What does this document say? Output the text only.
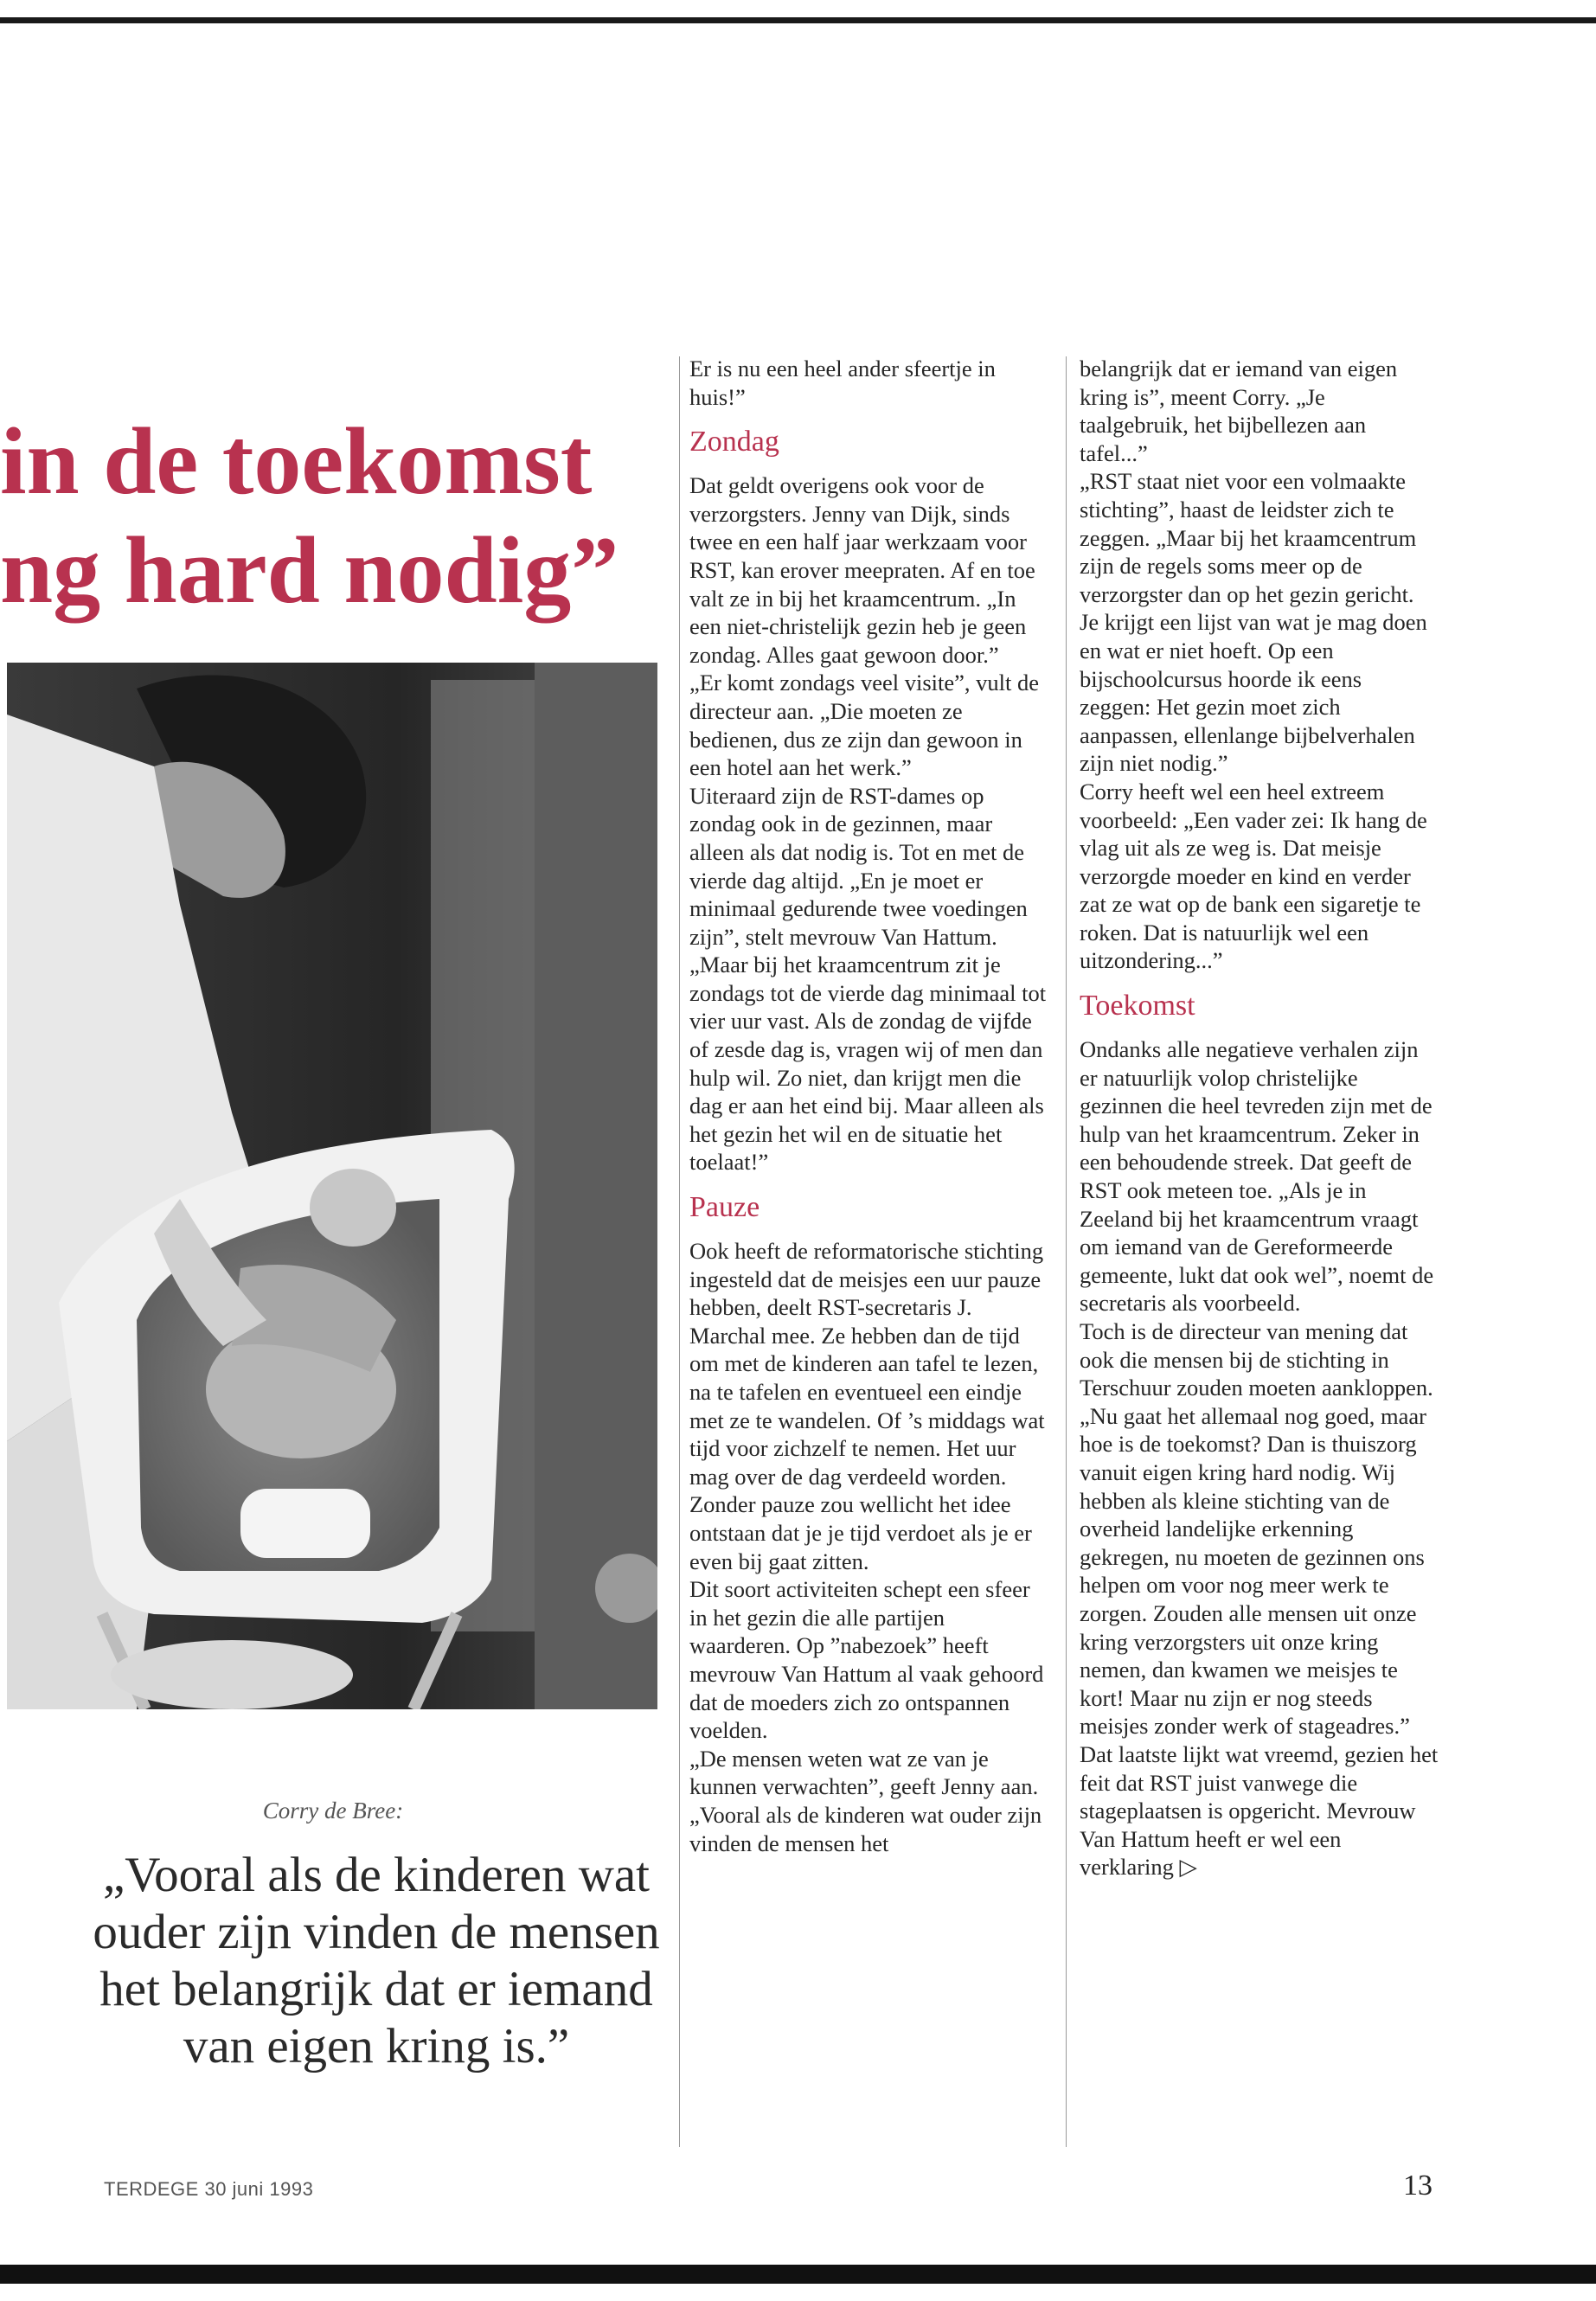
in de toekomst
ng hard nodig”
Corry de Bree:
„Vooral als de kinderen wat ouder zijn vinden de mensen het belangrijk dat er iemand van eigen kring is.”

Er is nu een heel ander sfeertje in huis!”

Zondag

Dat geldt overigens ook voor de verzorgsters. Jenny van Dijk, sinds twee en een half jaar werkzaam voor RST, kan erover meepraten. Af en toe valt ze in bij het kraamcentrum. „In een niet-christelijk gezin heb je geen zondag. Alles gaat gewoon door.”

„Er komt zondags veel visite”, vult de directeur aan. „Die moeten ze bedienen, dus ze zijn dan gewoon in een hotel aan het werk.”

Uiteraard zijn de RST-dames op zondag ook in de gezinnen, maar alleen als dat nodig is. Tot en met de vierde dag altijd. „En je moet er minimaal gedurende twee voedingen zijn”, stelt mevrouw Van Hattum. „Maar bij het kraamcentrum zit je zondags tot de vierde dag minimaal tot vier uur vast. Als de zondag de vijfde of zesde dag is, vragen wij of men dan hulp wil. Zo niet, dan krijgt men die dag er aan het eind bij. Maar alleen als het gezin het wil en de situatie het toelaat!”

Pauze

Ook heeft de reformatorische stichting ingesteld dat de meisjes een uur pauze hebben, deelt RST-secretaris J. Marchal mee. Ze hebben dan de tijd om met de kinderen aan tafel te lezen, na te tafelen en eventueel een eindje met ze te wandelen. Of ’s middags wat tijd voor zichzelf te nemen. Het uur mag over de dag verdeeld worden. Zonder pauze zou wellicht het idee ontstaan dat je je tijd verdoet als je er even bij gaat zitten.

Dit soort activiteiten schept een sfeer in het gezin die alle partijen waarderen. Op ”nabezoek” heeft mevrouw Van Hattum al vaak gehoord dat de moeders zich zo ontspannen voelden.

„De mensen weten wat ze van je kunnen verwachten”, geeft Jenny aan.

„Vooral als de kinderen wat ouder zijn vinden de mensen het

belangrijk dat er iemand van eigen kring is”, meent Corry. „Je taalgebruik, het bijbellezen aan tafel...”

„RST staat niet voor een volmaakte stichting”, haast de leidster zich te zeggen. „Maar bij het kraamcentrum zijn de regels soms meer op de verzorgster dan op het gezin gericht. Je krijgt een lijst van wat je mag doen en wat er niet hoeft. Op een bijschoolcursus hoorde ik eens zeggen: Het gezin moet zich aanpassen, ellenlange bijbelverhalen zijn niet nodig.”

Corry heeft wel een heel extreem voorbeeld: „Een vader zei: Ik hang de vlag uit als ze weg is. Dat meisje verzorgde moeder en kind en verder zat ze wat op de bank een sigaretje te roken. Dat is natuurlijk wel een uitzondering...”

Toekomst

Ondanks alle negatieve verhalen zijn er natuurlijk volop christelijke gezinnen die heel tevreden zijn met de hulp van het kraamcentrum. Zeker in een behoudende streek. Dat geeft de RST ook meteen toe. „Als je in Zeeland bij het kraamcentrum vraagt om iemand van de Gereformeerde gemeente, lukt dat ook wel”, noemt de secretaris als voorbeeld.

Toch is de directeur van mening dat ook die mensen bij de stichting in Terschuur zouden moeten aankloppen. „Nu gaat het allemaal nog goed, maar hoe is de toekomst? Dan is thuiszorg vanuit eigen kring hard nodig. Wij hebben als kleine stichting van de overheid landelijke erkenning gekregen, nu moeten de gezinnen ons helpen om voor nog meer werk te zorgen. Zouden alle mensen uit onze kring verzorgsters uit onze kring nemen, dan kwamen we meisjes te kort! Maar nu zijn er nog steeds meisjes zonder werk of stageadres.”

Dat laatste lijkt wat vreemd, gezien het feit dat RST juist vanwege die stageplaatsen is opgericht. Mevrouw Van Hattum heeft er wel een verklaring ▷

TERDEGE 30 juni 1993	13
